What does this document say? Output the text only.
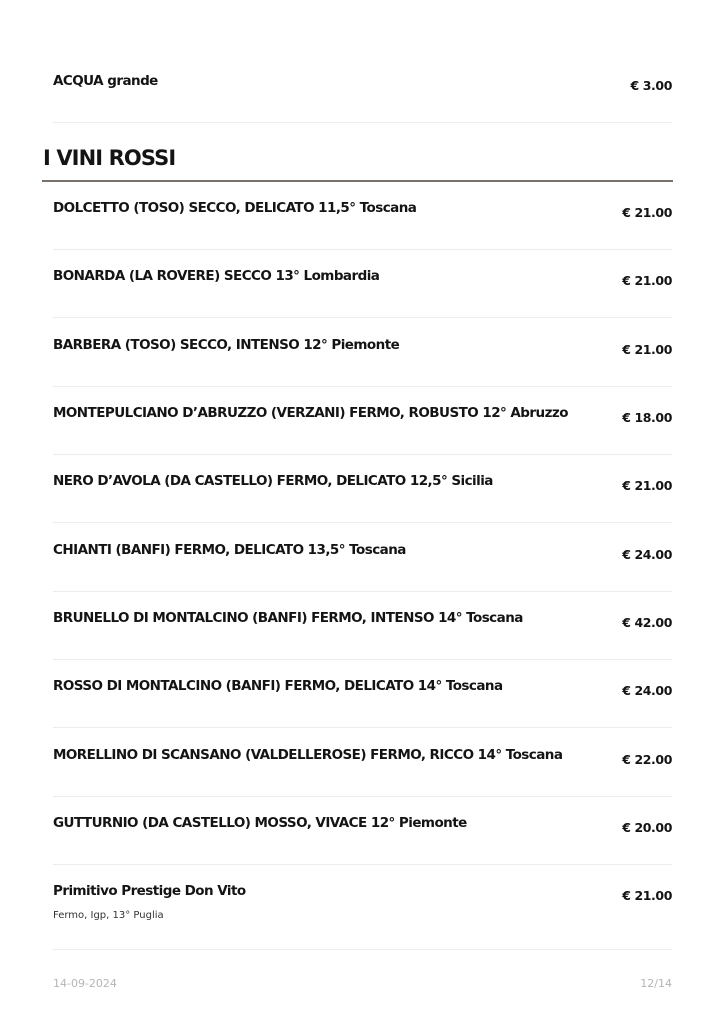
ACQUA grande	€ 3.00
I VINI ROSSI
DOLCETTO (TOSO) SECCO, DELICATO 11,5° Toscana	€ 21.00
BONARDA (LA ROVERE) SECCO 13° Lombardia	€ 21.00
BARBERA (TOSO) SECCO, INTENSO 12° Piemonte	€ 21.00
MONTEPULCIANO D’ABRUZZO (VERZANI) FERMO, ROBUSTO 12° Abruzzo	€ 18.00
NERO D’AVOLA (DA CASTELLO) FERMO, DELICATO 12,5° Sicilia	€ 21.00
CHIANTI (BANFI) FERMO, DELICATO 13,5° Toscana	€ 24.00
BRUNELLO DI MONTALCINO (BANFI) FERMO, INTENSO 14° Toscana	€ 42.00
ROSSO DI MONTALCINO (BANFI) FERMO, DELICATO 14° Toscana	€ 24.00
MORELLINO DI SCANSANO (VALDELLEROSE) FERMO, RICCO 14° Toscana	€ 22.00
GUTTURNIO (DA CASTELLO) MOSSO, VIVACE 12° Piemonte	€ 20.00
Primitivo Prestige Don Vito	€ 21.00
Fermo, Igp, 13° Puglia
14-09-2024	12/14
